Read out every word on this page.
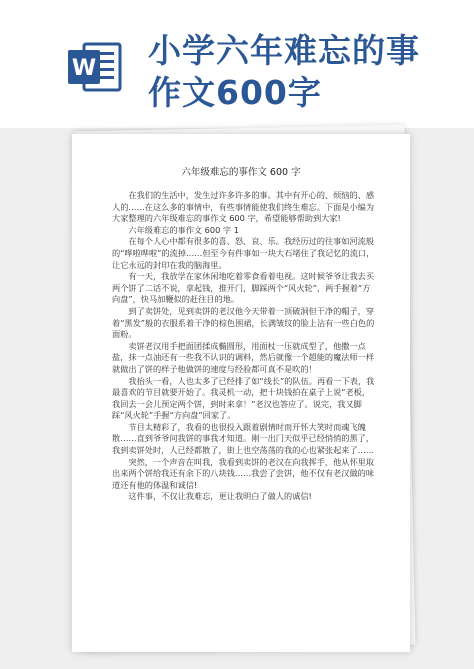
W 小学六年难忘的事
作文600字
六年级难忘的事作文 600 字

在我们的生活中，发生过许多许多的事。其中有开心的、烦恼的、感人的……在这么多的事情中，有些事情能使我们终生难忘。下面是小编为大家整理的六年级难忘的事作文 600 字，希望能够帮助到大家!

六年级难忘的事作文 600 字 1

在每个人心中都有很多的喜、怒、哀、乐。我经历过的往事如河流般的“哗啦哗啦”的流掉……但至今有件事如一块大石堵住了我记忆的流口，让它永远的封印在我的脑海里。

有一天，我放学在家休闲地吃着零食看着电视。这时候爷爷让我去买两个饼了二话不说，拿起钱，推开门，脚踩两个“风火轮”，两手握着“方向盘”，快马加鞭似的赶往目的地。

到了卖饼处，见到卖饼的老汉他今天带着一顶破洞但干净的帽子，穿着“黑发”般的衣服系着干净的棕色围裙，长满皱纹的脸上沾有一些白色的面粉。

卖饼老汉用手把面团揉成椭圆形，用面杖一压就成型了，他撒一点盐，抹一点油还有一些我不认识的调料，然后就像一个超能的魔法师一样就做出了饼的样子他做饼的速度与经验都可真不是吹的！

我抬头一看，人也太多了已经排了如“线长”的队伍。再看一下表，我最喜欢的节目就要开始了。我灵机一动，把十块钱拍在桌子上说“老板，我回去一会儿预定两个饼，到时来拿！”老汉也答应了。说完，我又脚踩“风火轮”手握“方向盘”回家了。

节目太精彩了，我看的也很投入跟着剧情时而开怀大笑时而魂飞魄散……直到爷爷问我饼的事我才知道。刚一出门天似乎已经悄悄的黑了，我到卖饼处时，人已经都散了，街上也空荡荡的我的心也紧张起来了……

突然，一个声音在叫我，我看到卖饼的老汉在向我挥手，他从怀里取出来两个饼给我还有余下的八块钱……我尝了尝饼，他不仅有老汉做的味道还有他的体温和诚信!

这件事，不仅让我难忘，更让我明白了做人的诚信!
